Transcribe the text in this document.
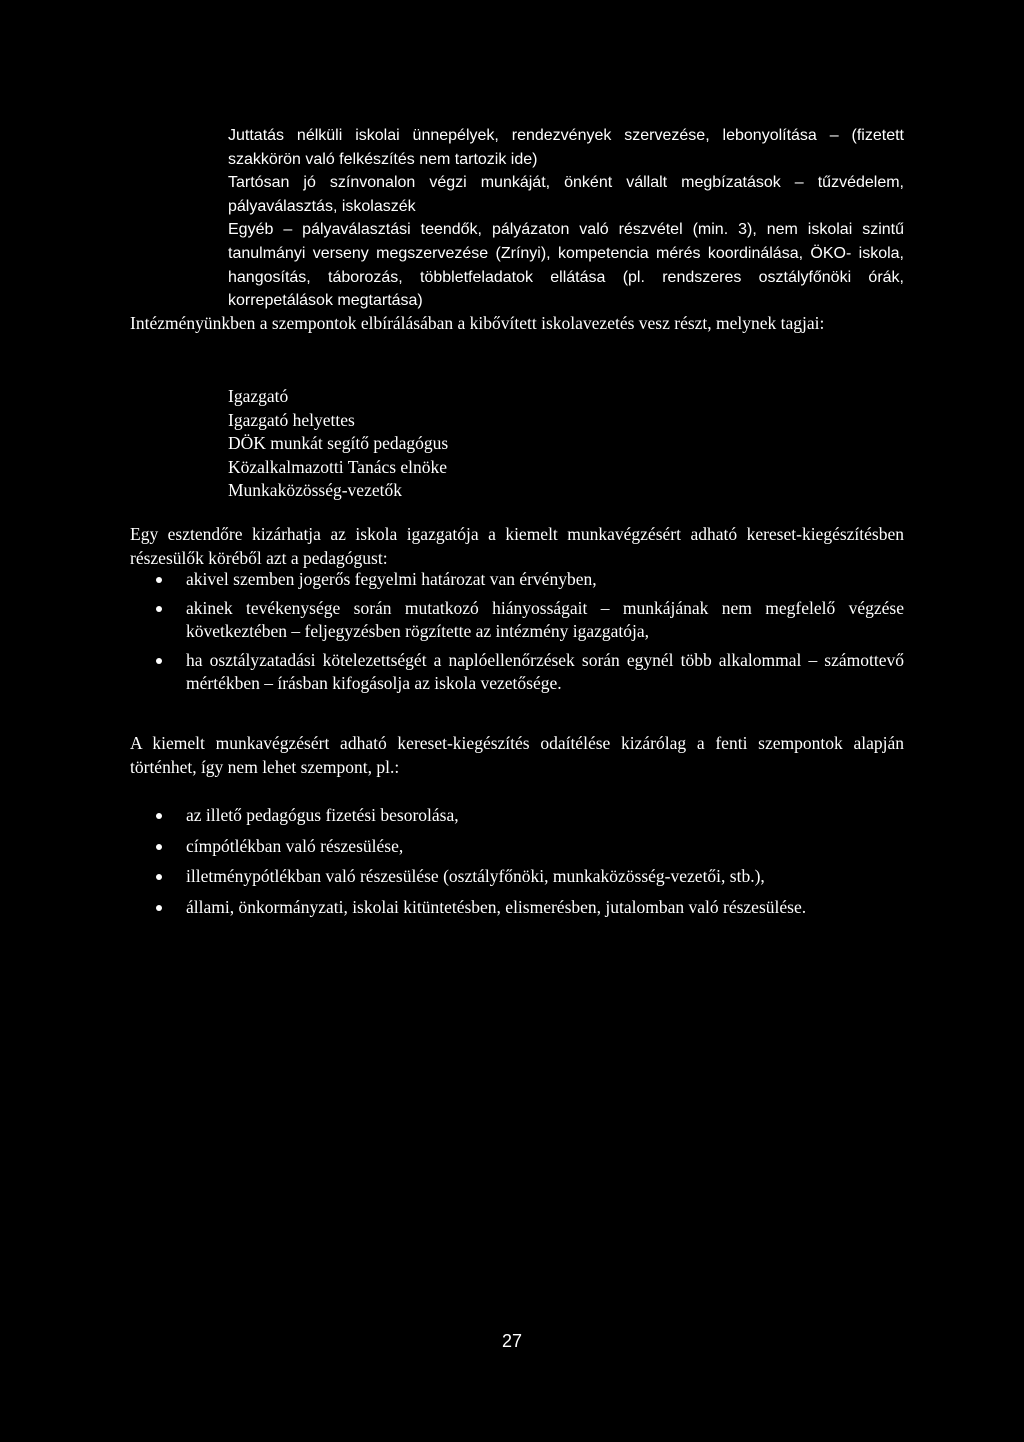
Juttatás nélküli iskolai ünnepélyek, rendezvények szervezése, lebonyolítása – (fizetett szakkörön való felkészítés nem tartozik ide)

Tartósan jó színvonalon végzi munkáját, önként vállalt megbízatások – tűzvédelem, pályaválasztás, iskolaszék

Egyéb – pályaválasztási teendők, pályázaton való részvétel (min. 3), nem iskolai szintű tanulmányi verseny megszervezése (Zrínyi), kompetencia mérés koordinálása, ÖKO- iskola, hangosítás, táborozás, többletfeladatok ellátása (pl. rendszeres osztályfőnöki órák, korrepetálások megtartása)

Intézményünkben a szempontok elbírálásában a kibővített iskolavezetés vesz részt, melynek tagjai:

Igazgató
Igazgató helyettes
DÖK munkát segítő pedagógus
Közalkalmazotti Tanács elnöke
Munkaközösség-vezetők

Egy esztendőre kizárhatja az iskola igazgatója a kiemelt munkavégzésért adható kereset-kiegészítésben részesülők köréből azt a pedagógust:

akivel szemben jogerős fegyelmi határozat van érvényben,
akinek tevékenysége során mutatkozó hiányosságait – munkájának nem megfelelő végzése következtében – feljegyzésben rögzítette az intézmény igazgatója,
ha osztályzatadási kötelezettségét a naplóellenőrzések során egynél több alkalommal – számottevő mértékben – írásban kifogásolja az iskola vezetősége.

A kiemelt munkavégzésért adható kereset-kiegészítés odaítélése kizárólag a fenti szempontok alapján történhet, így nem lehet szempont, pl.:

az illető pedagógus fizetési besorolása,
címpótlékban való részesülése,
illetménypótlékban való részesülése (osztályfőnöki, munkaközösség-vezetői, stb.),
állami, önkormányzati, iskolai kitüntetésben, elismerésben, jutalomban való részesülése.
27
